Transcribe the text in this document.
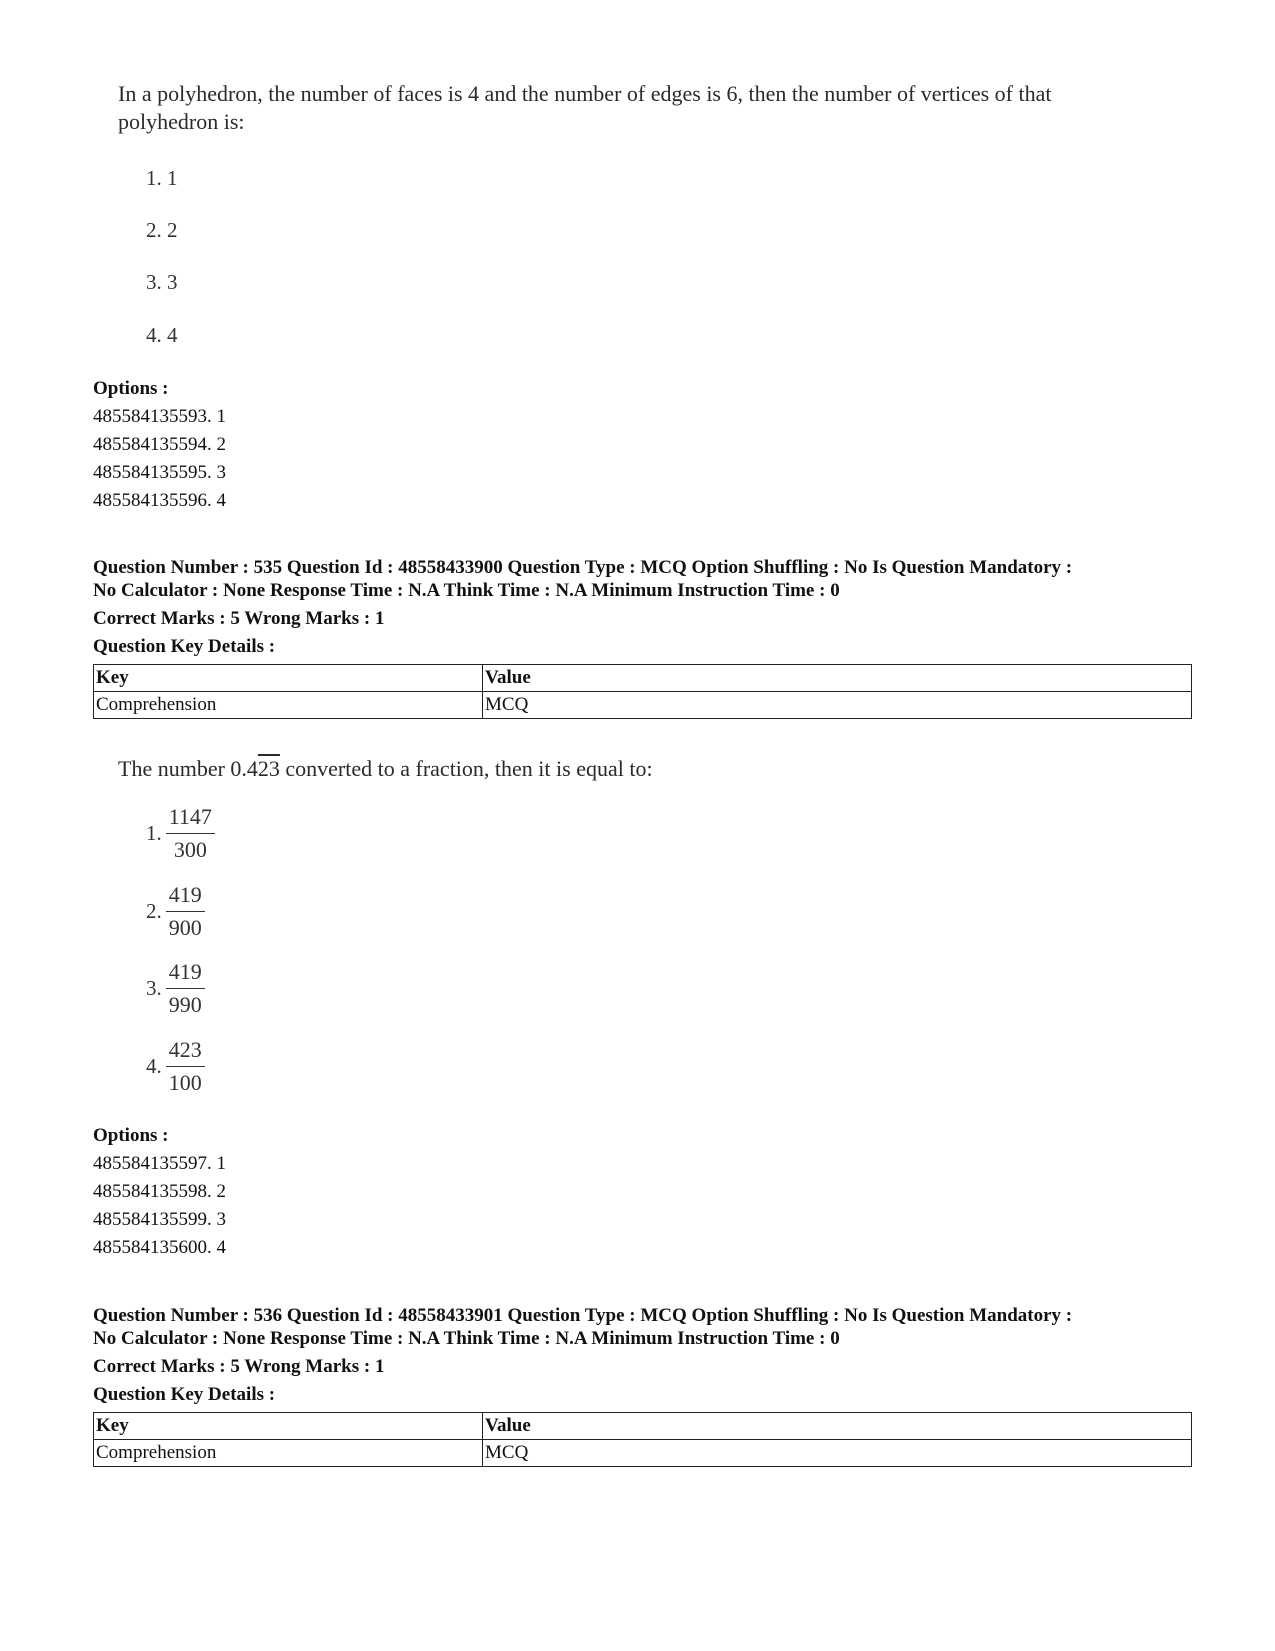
In a polyhedron, the number of faces is 4 and the number of edges is 6, then the number of vertices of that polyhedron is:
1. 1
2. 2
3. 3
4. 4
Options :
485584135593. 1
485584135594. 2
485584135595. 3
485584135596. 4
Question Number : 535 Question Id : 48558433900 Question Type : MCQ Option Shuffling : No Is Question Mandatory :
No Calculator : None Response Time : N.A Think Time : N.A Minimum Instruction Time : 0
Correct Marks : 5 Wrong Marks : 1
Question Key Details :
Key	Value
Comprehension	MCQ
The number 0.423 converted to a fraction, then it is equal to:
1. $\frac{1147}{300}$
2. $\frac{419}{900}$
3. $\frac{419}{990}$
4. $\frac{423}{100}$
Options :
485584135597. 1
485584135598. 2
485584135599. 3
485584135600. 4
Question Number : 536 Question Id : 48558433901 Question Type : MCQ Option Shuffling : No Is Question Mandatory :
No Calculator : None Response Time : N.A Think Time : N.A Minimum Instruction Time : 0
Correct Marks : 5 Wrong Marks : 1
Question Key Details :
Key	Value
Comprehension	MCQ
